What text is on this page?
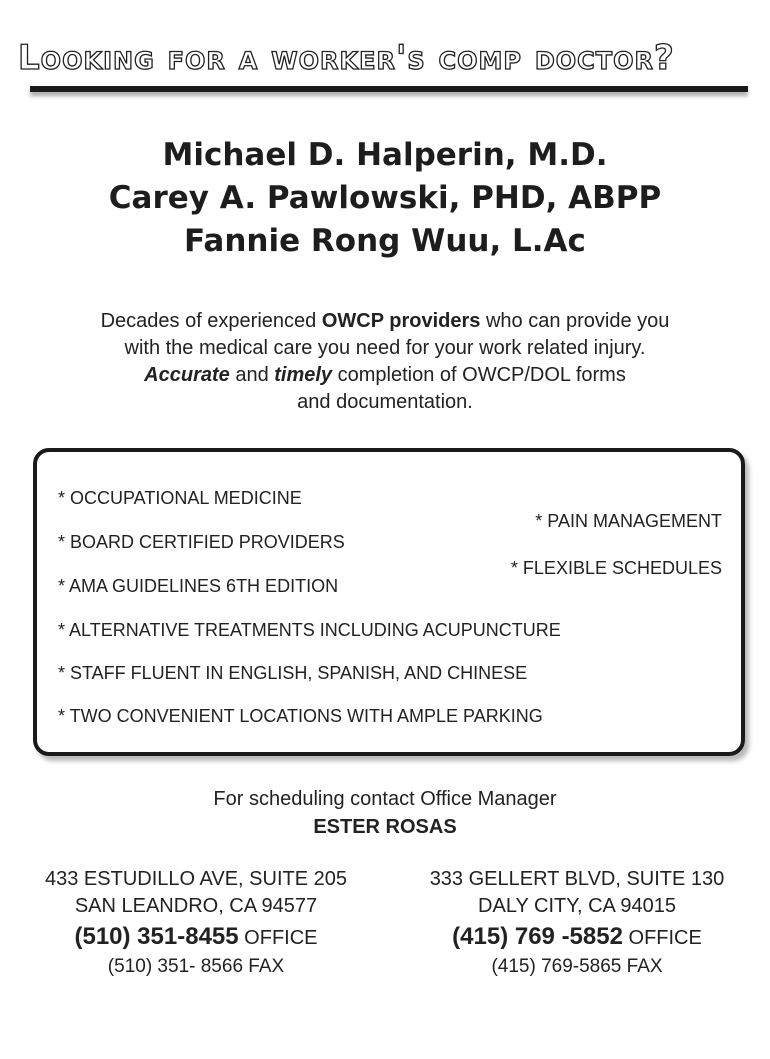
Looking for a worker's comp doctor?
Michael D. Halperin, M.D.
Carey A. Pawlowski, PHD, ABPP
Fannie Rong Wuu, L.Ac
Decades of experienced OWCP providers who can provide you
with the medical care you need for your work related injury.
Accurate and timely completion of OWCP/DOL forms
and documentation.
* OCCUPATIONAL MEDICINE
* PAIN MANAGEMENT
* BOARD CERTIFIED PROVIDERS
* FLEXIBLE SCHEDULES
* AMA GUIDELINES 6TH EDITION
* ALTERNATIVE TREATMENTS INCLUDING ACUPUNCTURE
* STAFF FLUENT IN ENGLISH, SPANISH, AND CHINESE
* TWO CONVENIENT LOCATIONS WITH AMPLE PARKING
For scheduling contact Office Manager
ESTER ROSAS
433 ESTUDILLO AVE, SUITE 205
SAN LEANDRO, CA 94577
(510) 351-8455 OFFICE
(510) 351- 8566 FAX
333 GELLERT BLVD, SUITE 130
DALY CITY, CA 94015
(415) 769 -5852 OFFICE
(415) 769-5865 FAX
